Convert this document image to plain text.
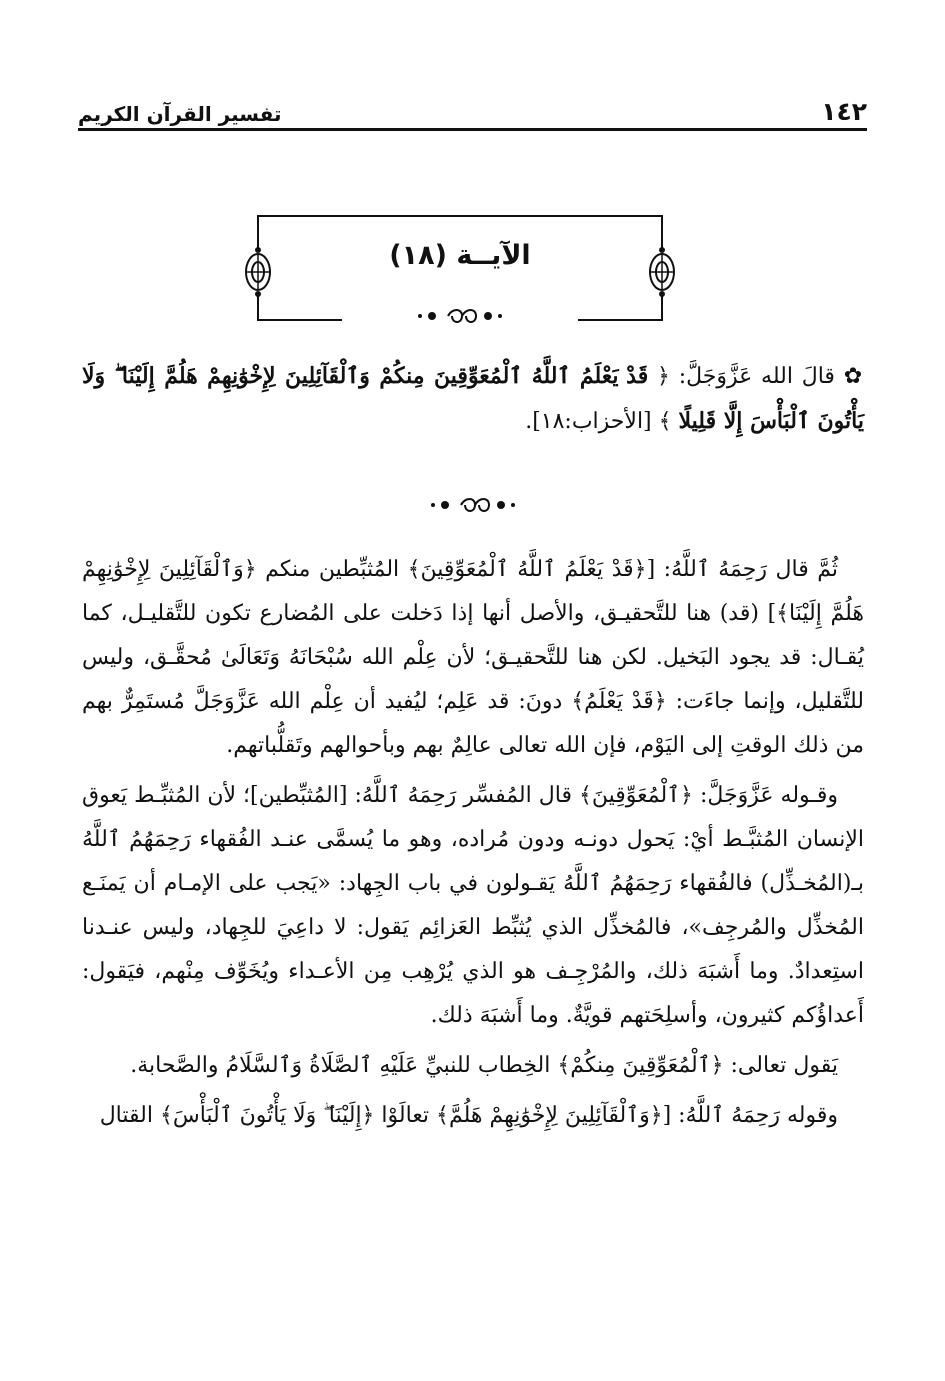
١٤٢
تفسير القرآن الكريم
الآيــة (١٨)

✿ قالَ الله عَزَّوَجَلَّ: ﴿ قَدْ يَعْلَمُ ٱللَّهُ ٱلْمُعَوِّقِينَ مِنكُمْ وَٱلْقَآئِلِينَ لِإِخْوَٰنِهِمْ هَلُمَّ إِلَيْنَا ۖ وَلَا يَأْتُونَ ٱلْبَأْسَ إِلَّا قَلِيلًا ﴾ [الأحزاب:١٨].

ثُمَّ قال رَحِمَهُ ٱللَّهُ: [﴿قَدْ يَعْلَمُ ٱللَّهُ ٱلْمُعَوِّقِينَ﴾ المُثبِّطين منكم ﴿وَٱلْقَآئِلِينَ لِإِخْوَٰنِهِمْ هَلُمَّ إِلَيْنَا﴾] (قد) هنا للتَّحقيـق، والأصل أنها إذا دَخلت على المُضارع تكون للتَّقليـل، كما يُقـال: قد يجود البَخيل. لكن هنا للتَّحقيـق؛ لأن عِلْم الله سُبْحَانَهُ وَتَعَالَىٰ مُحقَّـق، وليس للتَّقليل، وإنما جاءَت: ﴿قَدْ يَعْلَمُ﴾ دونَ: قد عَلِم؛ ليُفيد أن عِلْم الله عَزَّوَجَلَّ مُستَمِرٌّ بهم من ذلك الوقتِ إلى اليَوْم، فإن الله تعالى عالِمٌ بهم وبأحوالهم وتَقلُّباتهم.

وقـوله عَزَّوَجَلَّ: ﴿ٱلْمُعَوِّقِينَ﴾ قال المُفسِّر رَحِمَهُ ٱللَّهُ: [المُثبِّطين]؛ لأن المُثبِّـط يَعوق الإنسان المُثبَّـط أيْ: يَحول دونـه ودون مُراده، وهو ما يُسمَّى عنـد الفُقهاء رَحِمَهُمُ ٱللَّهُ بـ(المُخـذِّل) فالفُقهاء رَحِمَهُمُ ٱللَّهُ يَقـولون في باب الجِهاد: «يَجب على الإمـام أن يَمنَـع المُخذِّل والمُرجِف»، فالمُخذِّل الذي يُثبِّط العَزائِم يَقول: لا داعِيَ للجِهاد، وليس عنـدنا استِعدادٌ. وما أَشبَهَ ذلك، والمُرْجِـف هو الذي يُرْهِب مِن الأعـداء ويُخَوِّف مِنْهم، فيَقول: أَعداؤُكم كثيرون، وأسلِحَتهم قويَّةٌ. وما أَشبَهَ ذلك.

يَقول تعالى: ﴿ٱلْمُعَوِّقِينَ مِنكُمْ﴾ الخِطاب للنبيِّ عَلَيْهِ ٱلصَّلَاةُ وَٱلسَّلَامُ والصَّحابة.

وقوله رَحِمَهُ ٱللَّهُ: [﴿وَٱلْقَآئِلِينَ لِإِخْوَٰنِهِمْ هَلُمَّ﴾ تعالَوْا ﴿إِلَيْنَا ۖ وَلَا يَأْتُونَ ٱلْبَأْسَ﴾ القتال
